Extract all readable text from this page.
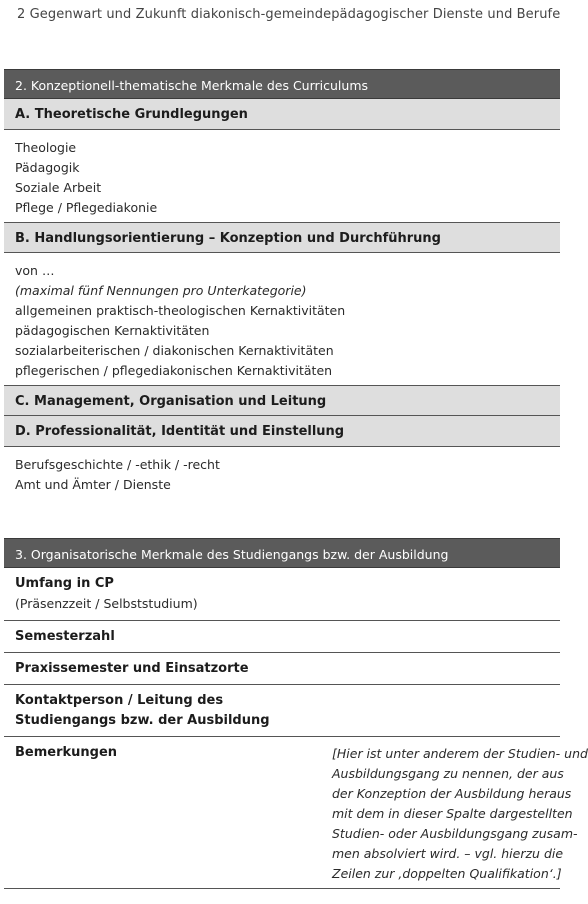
2 Gegenwart und Zukunft diakonisch-gemeindepädagogischer Dienste und Berufe
2. Konzeptionell-thematische Merkmale des Curriculums
A. Theoretische Grundlegungen
Theologie
Pädagogik
Soziale Arbeit
Pflege / Pflegediakonie
B. Handlungsorientierung – Konzeption und Durchführung
von …
(maximal fünf Nennungen pro Unterkategorie)
allgemeinen praktisch-theologischen Kernaktivitäten
pädagogischen Kernaktivitäten
sozialarbeiterischen / diakonischen Kernaktivitäten
pflegerischen / pflegediakonischen Kernaktivitäten
C. Management, Organisation und Leitung
D. Professionalität, Identität und Einstellung
Berufsgeschichte / -ethik / -recht
Amt und Ämter / Dienste
3. Organisatorische Merkmale des Studiengangs bzw. der Ausbildung
Umfang in CP
(Präsenzzeit / Selbststudium)
Semesterzahl
Praxissemester und Einsatzorte
Kontaktperson / Leitung des
Studiengangs bzw. der Ausbildung
Bemerkungen	[Hier ist unter anderem der Studien- und
Ausbildungsgang zu nennen, der aus
der Konzeption der Ausbildung heraus
mit dem in dieser Spalte dargestellten
Studien- oder Ausbildungsgang zusam-
men absolviert wird. – vgl. hierzu die
Zeilen zur ‚doppelten Qualifikation‘.]
